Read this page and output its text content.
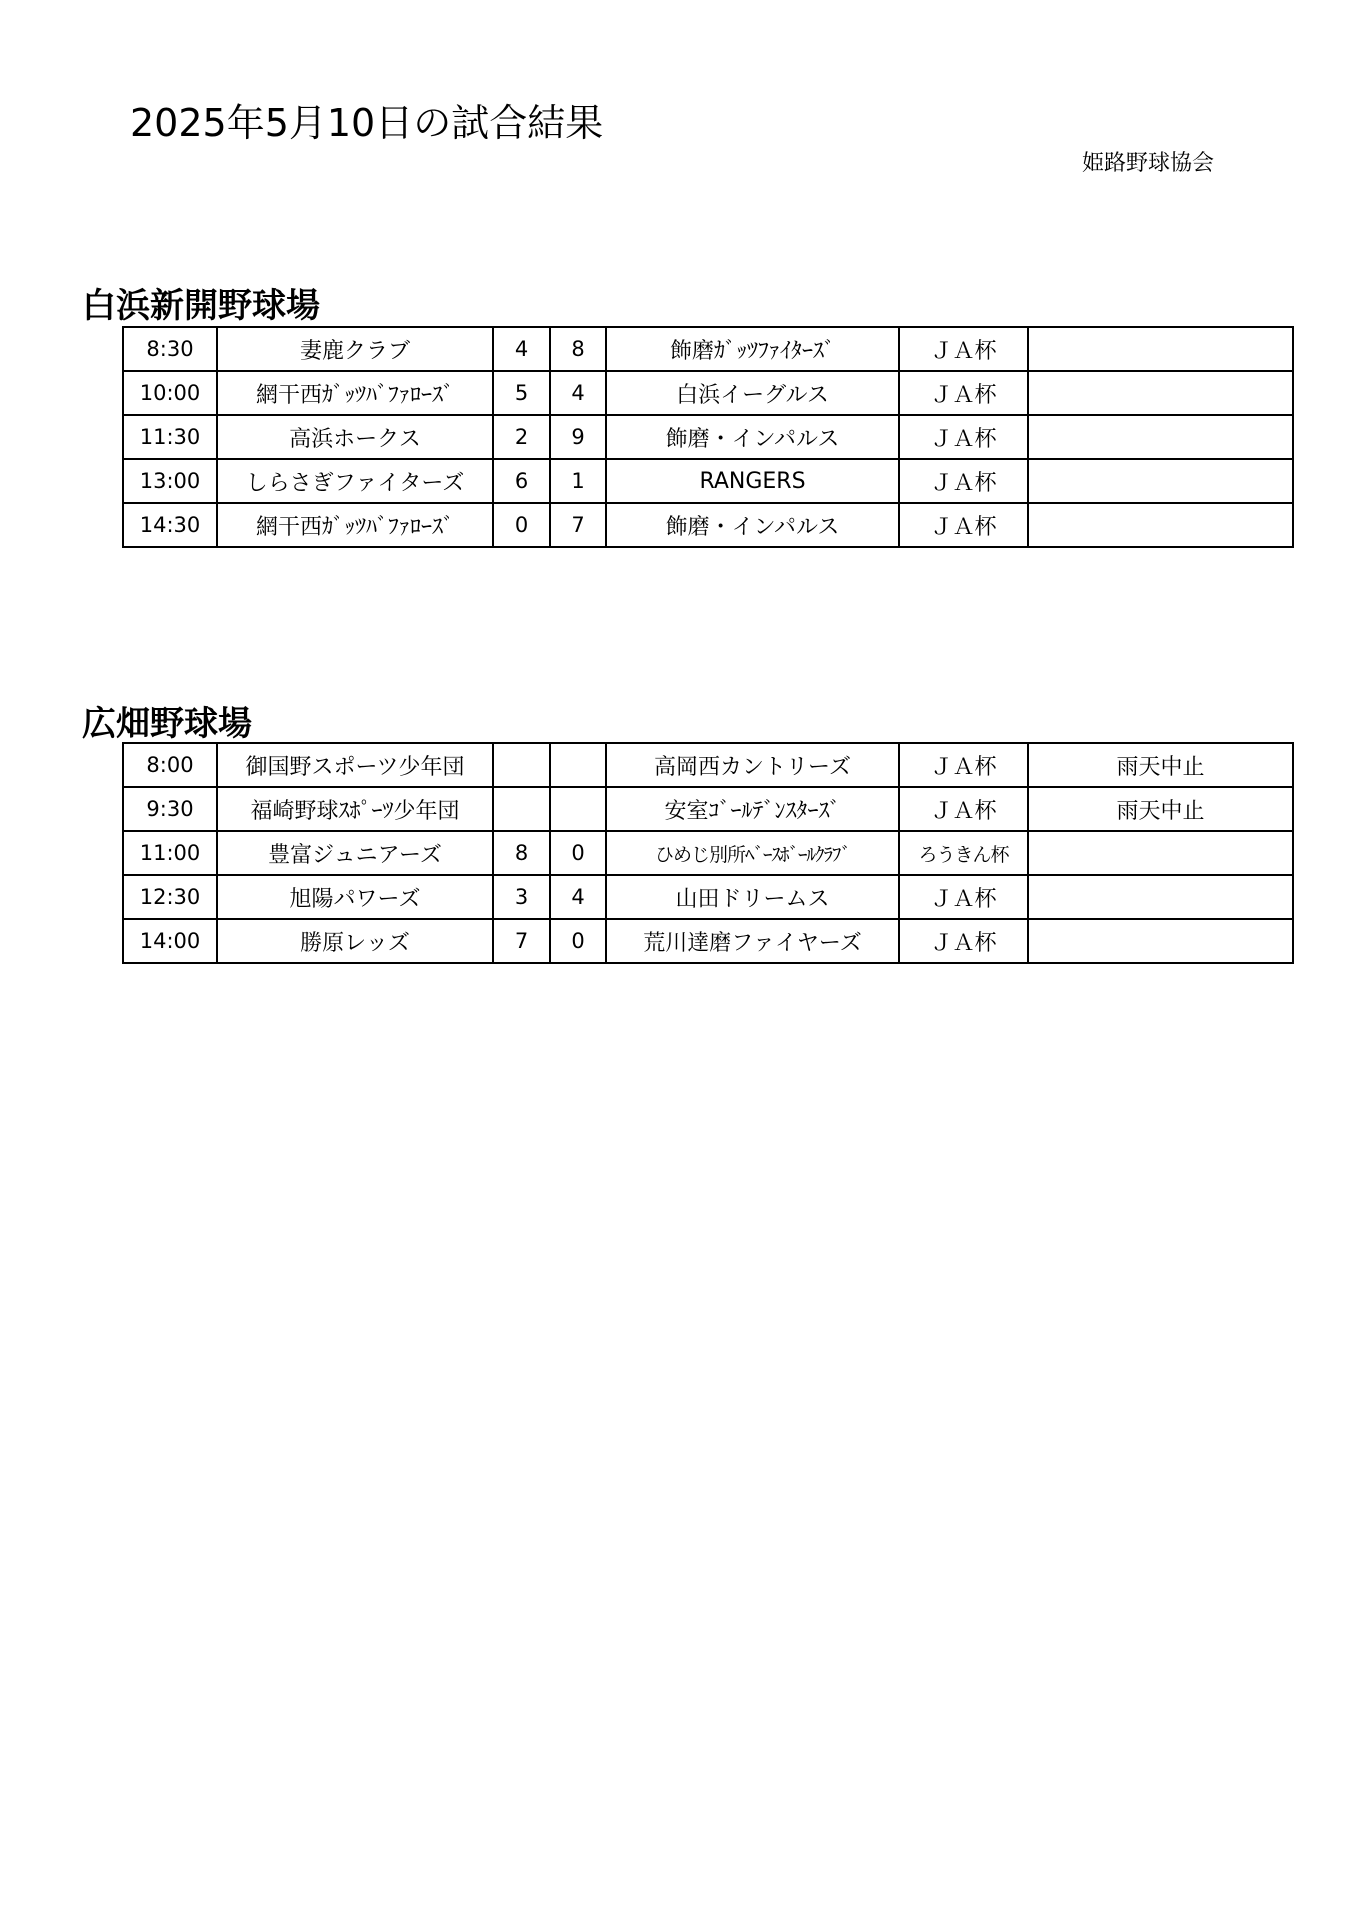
2025年5月10日の試合結果
姫路野球協会
白浜新開野球場
8:30	妻鹿クラブ	4	8	飾磨ｶﾞｯﾂﾌｧｲﾀｰｽﾞ	ＪＡ杯	
10:00	網干西ｶﾞｯﾂﾊﾞﾌｧﾛｰｽﾞ	5	4	白浜イーグルス	ＪＡ杯	
11:30	高浜ホークス	2	9	飾磨・インパルス	ＪＡ杯	
13:00	しらさぎファイターズ	6	1	RANGERS	ＪＡ杯	
14:30	網干西ｶﾞｯﾂﾊﾞﾌｧﾛｰｽﾞ	0	7	飾磨・インパルス	ＪＡ杯	
広畑野球場
8:00	御国野スポーツ少年団			高岡西カントリーズ	ＪＡ杯	雨天中止
9:30	福崎野球ｽﾎﾟｰﾂ少年団			安室ｺﾞｰﾙﾃﾞﾝｽﾀｰｽﾞ	ＪＡ杯	雨天中止
11:00	豊富ジュニアーズ	8	0	ひめじ別所ﾍﾞｰｽﾎﾞｰﾙｸﾗﾌﾞ	ろうきん杯	
12:30	旭陽パワーズ	3	4	山田ドリームス	ＪＡ杯	
14:00	勝原レッズ	7	0	荒川達磨ファイヤーズ	ＪＡ杯	
